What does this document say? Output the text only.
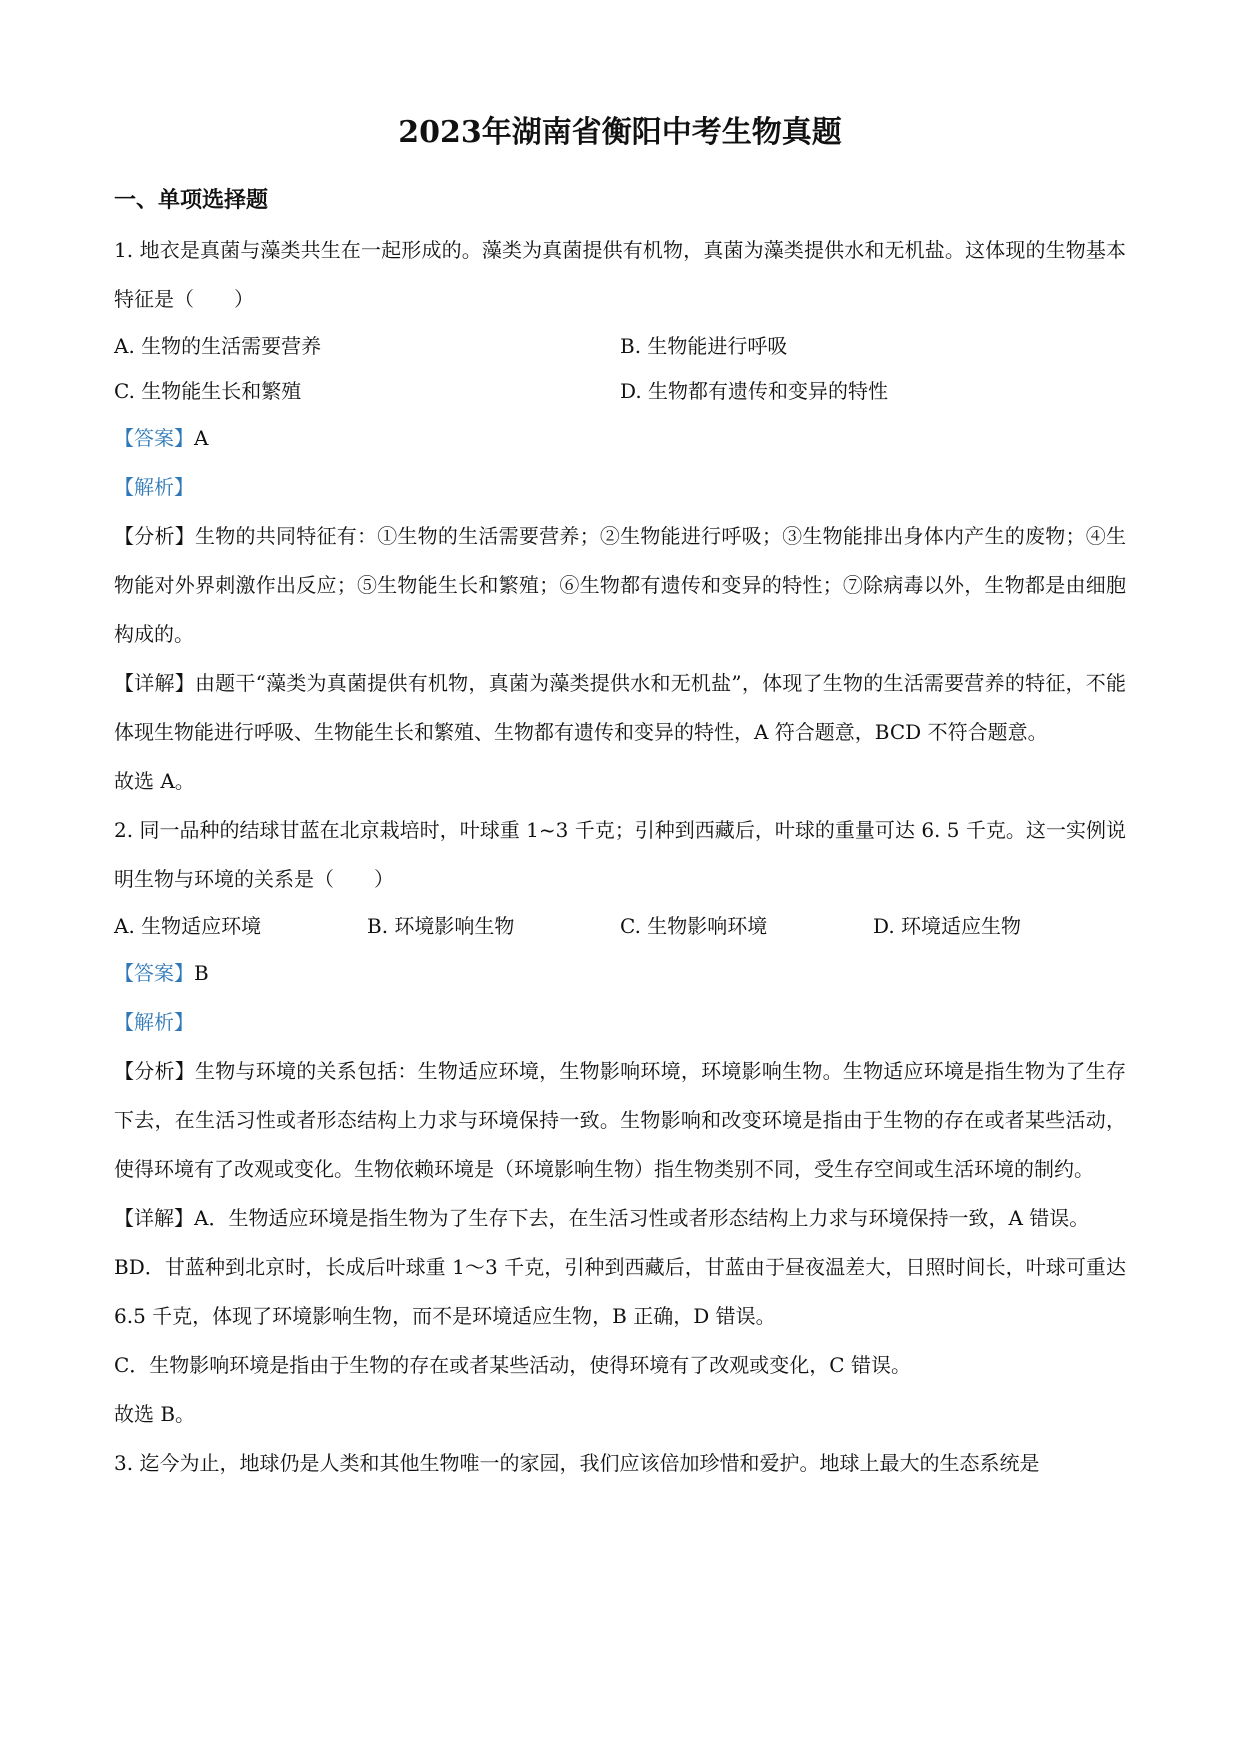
2023年湖南省衡阳中考生物真题
一、单项选择题
1. 地衣是真菌与藻类共生在一起形成的。藻类为真菌提供有机物，真菌为藻类提供水和无机盐。这体现的生物基本特征是（　　）
A. 生物的生活需要营养	B. 生物能进行呼吸
C. 生物能生长和繁殖	D. 生物都有遗传和变异的特性
【答案】A
【解析】
【分析】生物的共同特征有：①生物的生活需要营养；②生物能进行呼吸；③生物能排出身体内产生的废物；④生物能对外界刺激作出反应；⑤生物能生长和繁殖；⑥生物都有遗传和变异的特性；⑦除病毒以外，生物都是由细胞构成的。
【详解】由题干“藻类为真菌提供有机物，真菌为藻类提供水和无机盐”，体现了生物的生活需要营养的特征，不能体现生物能进行呼吸、生物能生长和繁殖、生物都有遗传和变异的特性，A 符合题意，BCD 不符合题意。
故选 A。
2. 同一品种的结球甘蓝在北京栽培时，叶球重 1~3 千克；引种到西藏后，叶球的重量可达 6. 5 千克。这一实例说明生物与环境的关系是（　　）
A. 生物适应环境	B. 环境影响生物	C. 生物影响环境	D. 环境适应生物
【答案】B
【解析】
【分析】生物与环境的关系包括：生物适应环境，生物影响环境，环境影响生物。生物适应环境是指生物为了生存下去，在生活习性或者形态结构上力求与环境保持一致。生物影响和改变环境是指由于生物的存在或者某些活动，使得环境有了改观或变化。生物依赖环境是（环境影响生物）指生物类别不同，受生存空间或生活环境的制约。
【详解】A．生物适应环境是指生物为了生存下去，在生活习性或者形态结构上力求与环境保持一致，A 错误。
BD．甘蓝种到北京时，长成后叶球重 1～3 千克，引种到西藏后，甘蓝由于昼夜温差大，日照时间长，叶球可重达 6.5 千克，体现了环境影响生物，而不是环境适应生物，B 正确，D 错误。
C．生物影响环境是指由于生物的存在或者某些活动，使得环境有了改观或变化，C 错误。
故选 B。
3. 迄今为止，地球仍是人类和其他生物唯一的家园，我们应该倍加珍惜和爱护。地球上最大的生态系统是
